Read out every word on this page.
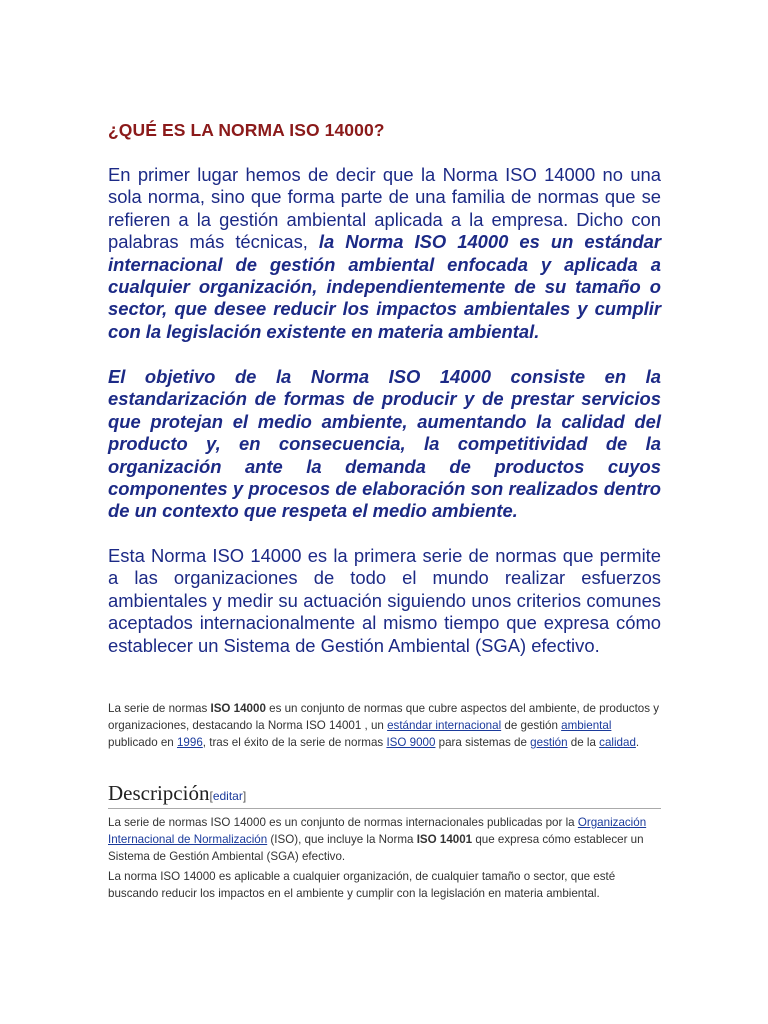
¿QUÉ ES LA NORMA ISO 14000?

En primer lugar hemos de decir que la Norma ISO 14000 no una sola norma, sino que forma parte de una familia de normas que se refieren a la gestión ambiental aplicada a la empresa. Dicho con palabras más técnicas, la Norma ISO 14000 es un estándar internacional de gestión ambiental enfocada y aplicada a cualquier organización, independientemente de su tamaño o sector, que desee reducir los impactos ambientales y cumplir con la legislación existente en materia ambiental.

El objetivo de la Norma ISO 14000 consiste en la estandarización de formas de producir y de prestar servicios que protejan el medio ambiente, aumentando la calidad del producto y, en consecuencia, la competitividad de la organización ante la demanda de productos cuyos componentes y procesos de elaboración son realizados dentro de un contexto que respeta el medio ambiente.

Esta Norma ISO 14000 es la primera serie de normas que permite a las organizaciones de todo el mundo realizar esfuerzos ambientales y medir su actuación siguiendo unos criterios comunes aceptados internacionalmente al mismo tiempo que expresa cómo establecer un Sistema de Gestión Ambiental (SGA) efectivo.

La serie de normas ISO 14000 es un conjunto de normas que cubre aspectos del ambiente, de productos y organizaciones, destacando la Norma ISO 14001 , un estándar internacional de gestión ambiental publicado en 1996, tras el éxito de la serie de normas ISO 9000 para sistemas de gestión de la calidad.

Descripción[editar]

La serie de normas ISO 14000 es un conjunto de normas internacionales publicadas por la Organización Internacional de Normalización (ISO), que incluye la Norma ISO 14001 que expresa cómo establecer un Sistema de Gestión Ambiental (SGA) efectivo.

La norma ISO 14000 es aplicable a cualquier organización, de cualquier tamaño o sector, que esté buscando reducir los impactos en el ambiente y cumplir con la legislación en materia ambiental.
